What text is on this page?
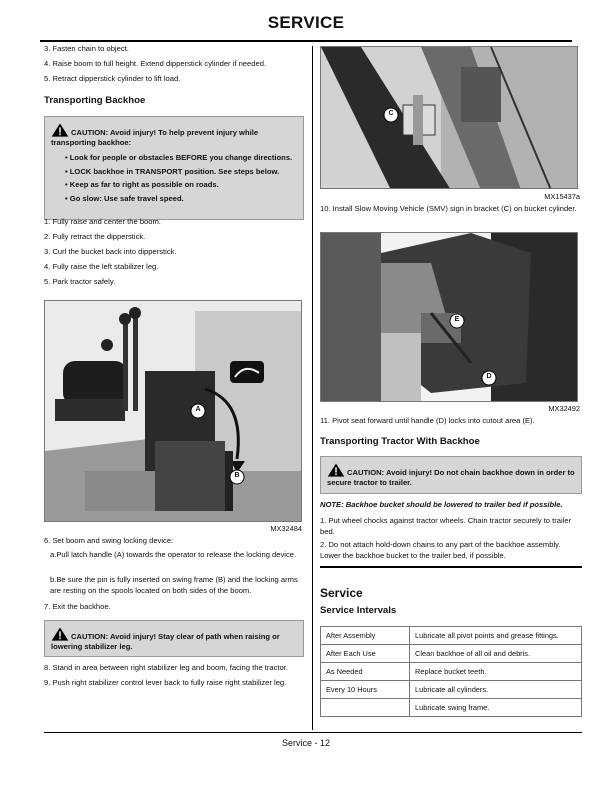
SERVICE
3. Fasten chain to object.
4. Raise boom to full height. Extend dipperstick cylinder if needed.
5. Retract dipperstick cylinder to lift load.
Transporting Backhoe
CAUTION: Avoid injury! To help prevent injury while transporting backhoe:
• Look for people or obstacles BEFORE you change directions.
• LOCK backhoe in TRANSPORT position. See steps below.
• Keep as far to right as possible on roads.
• Go slow: Use safe travel speed.
1. Fully raise and center the boom.
2. Fully retract the dipperstick.
3. Curl the bucket back into dipperstick.
4. Fully raise the left stabilizer leg.
5. Park tractor safely.
A
B
MX32484
6. Set boom and swing locking device:
a.Pull latch handle (A) towards the operator to release the locking device.
b.Be sure the pin is fully inserted on swing frame (B) and the locking arms are resting on the spools located on both sides of the boom.
7. Exit the backhoe.
CAUTION: Avoid injury! Stay clear of path when raising or lowering stabilizer leg.
8. Stand in area between right stabilizer leg and boom, facing the tractor.
9. Push right stabilizer control lever back to fully raise right stabilizer leg.
C
MX15437a
10. Install Slow Moving Vehicle (SMV) sign in bracket (C) on bucket cylinder.
E
D
MX32492
11. Pivot seat forward until handle (D) locks into cutout area (E).
Transporting Tractor With Backhoe
CAUTION: Avoid injury! Do not chain backhoe down in order to secure tractor to trailer.
NOTE: Backhoe bucket should be lowered to trailer bed if possible.
1. Put wheel chocks against tractor wheels. Chain tractor securely to trailer bed.
2. Do not attach hold-down chains to any part of the backhoe assembly. Lower the backhoe bucket to the trailer bed, if possible.
Service
Service Intervals
After Assembly	Lubricate all pivot points and grease fittings.
After Each Use	Clean backhoe of all oil and debris.
As Needed	Replace bucket teeth.
Every 10 Hours	Lubricate all cylinders.
	Lubricate swing frame.
Service - 12
